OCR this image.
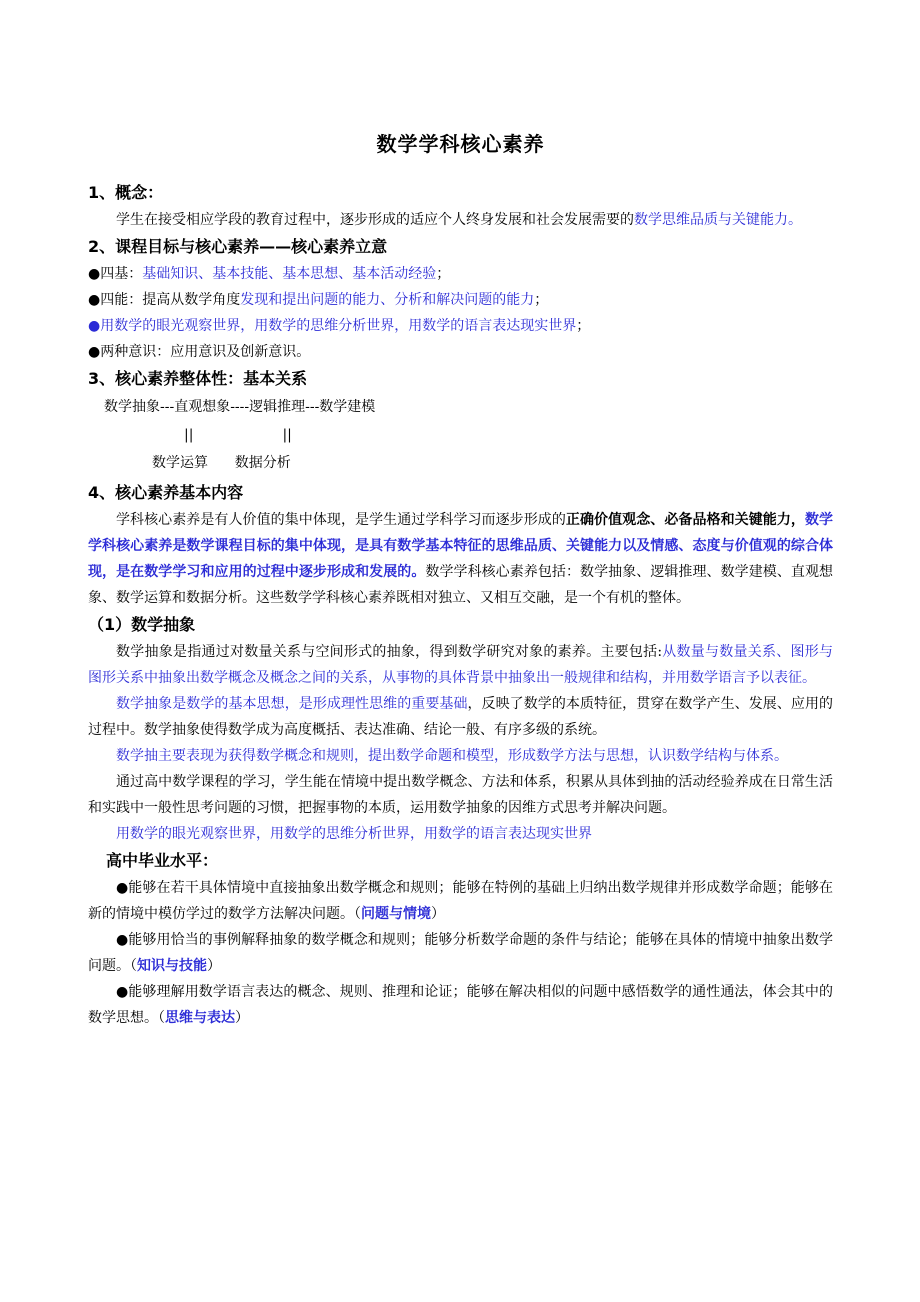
数学学科核心素养
1、概念：

学生在接受相应学段的教育过程中，逐步形成的适应个人终身发展和社会发展需要的数学思维品质与关键能力。

2、课程目标与核心素养——核心素养立意

●四基：基础知识、基本技能、基本思想、基本活动经验；

●四能：提高从数学角度发现和提出问题的能力、分析和解决问题的能力；

●用数学的眼光观察世界，用数学的思维分析世界，用数学的语言表达现实世界；

●两种意识：应用意识及创新意识。

3、核心素养整体性：基本关系

数学抽象---直观想象----逻辑推理---数学建模

||                    ||

数学运算      数据分析

4、核心素养基本内容

学科核心素养是有人价值的集中体现，是学生通过学科学习而逐步形成的正确价值观念、必备品格和关键能力，数学学科核心素养是数学课程目标的集中体现，是具有数学基本特征的思维品质、关键能力以及情感、态度与价值观的综合体现，是在数学学习和应用的过程中逐步形成和发展的。数学学科核心素养包括：数学抽象、逻辑推理、数学建模、直观想象、数学运算和数据分析。这些数学学科核心素养既相对独立、又相互交融，是一个有机的整体。

（1）数学抽象

数学抽象是指通过对数量关系与空间形式的抽象，得到数学研究对象的素养。主要包括:从数量与数量关系、图形与图形关系中抽象出数学概念及概念之间的关系，从事物的具体背景中抽象出一般规律和结构，并用数学语言予以表征。

数学抽象是数学的基本思想，是形成理性思维的重要基础，反映了数学的本质特征，贯穿在数学产生、发展、应用的过程中。数学抽象使得数学成为高度概括、表达准确、结论一般、有序多级的系统。

数学抽主要表现为获得数学概念和规则，提出数学命题和模型，形成数学方法与思想，认识数学结构与体系。

通过高中数学课程的学习，学生能在情境中提出数学概念、方法和体系，积累从具体到抽的活动经验养成在日常生活和实践中一般性思考问题的习惯，把握事物的本质，运用数学抽象的因维方式思考并解决问题。

用数学的眼光观察世界，用数学的思维分析世界，用数学的语言表达现实世界

高中毕业水平：

●能够在若干具体情境中直接抽象出数学概念和规则；能够在特例的基础上归纳出数学规律并形成数学命题；能够在新的情境中模仿学过的数学方法解决问题。（问题与情境）

●能够用恰当的事例解释抽象的数学概念和规则；能够分析数学命题的条件与结论；能够在具体的情境中抽象出数学问题。（知识与技能）

●能够理解用数学语言表达的概念、规则、推理和论证；能够在解决相似的问题中感悟数学的通性通法，体会其中的数学思想。（思维与表达）
